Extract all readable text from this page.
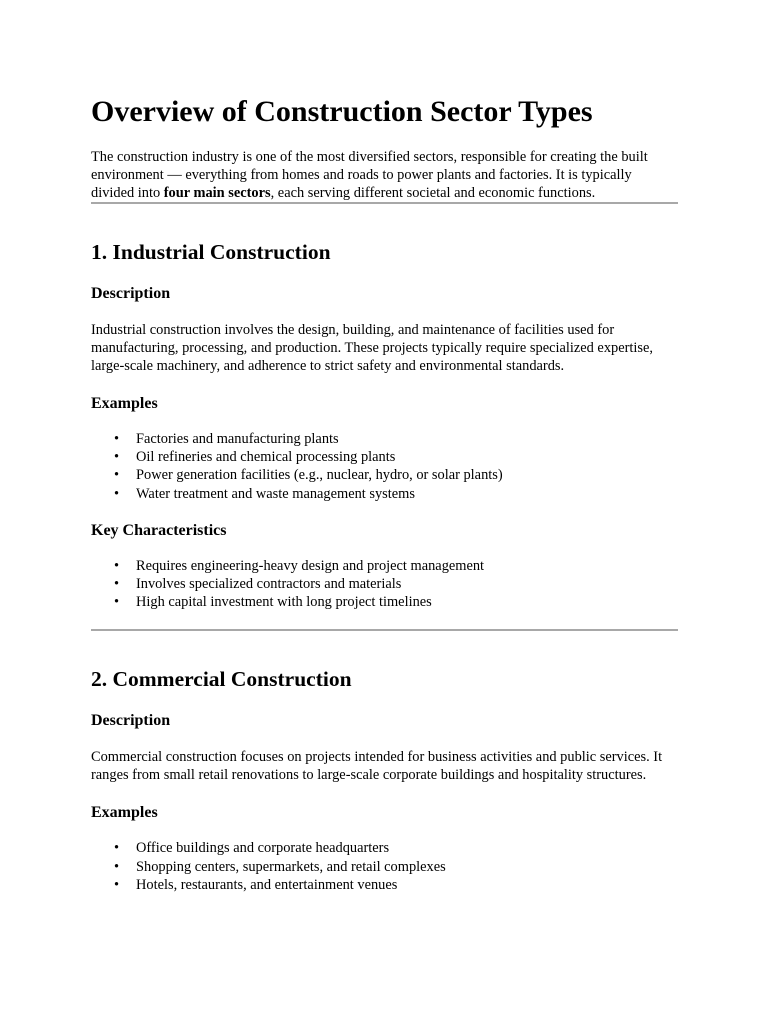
Overview of Construction Sector Types

The construction industry is one of the most diversified sectors, responsible for creating the built environment — everything from homes and roads to power plants and factories. It is typically divided into four main sectors, each serving different societal and economic functions.

1. Industrial Construction
Description

Industrial construction involves the design, building, and maintenance of facilities used for manufacturing, processing, and production. These projects typically require specialized expertise, large-scale machinery, and adherence to strict safety and environmental standards.

Examples
• Factories and manufacturing plants
• Oil refineries and chemical processing plants
• Power generation facilities (e.g., nuclear, hydro, or solar plants)
• Water treatment and waste management systems
Key Characteristics
• Requires engineering-heavy design and project management
• Involves specialized contractors and materials
• High capital investment with long project timelines
2. Commercial Construction
Description

Commercial construction focuses on projects intended for business activities and public services. It ranges from small retail renovations to large-scale corporate buildings and hospitality structures.

Examples
• Office buildings and corporate headquarters
• Shopping centers, supermarkets, and retail complexes
• Hotels, restaurants, and entertainment venues
